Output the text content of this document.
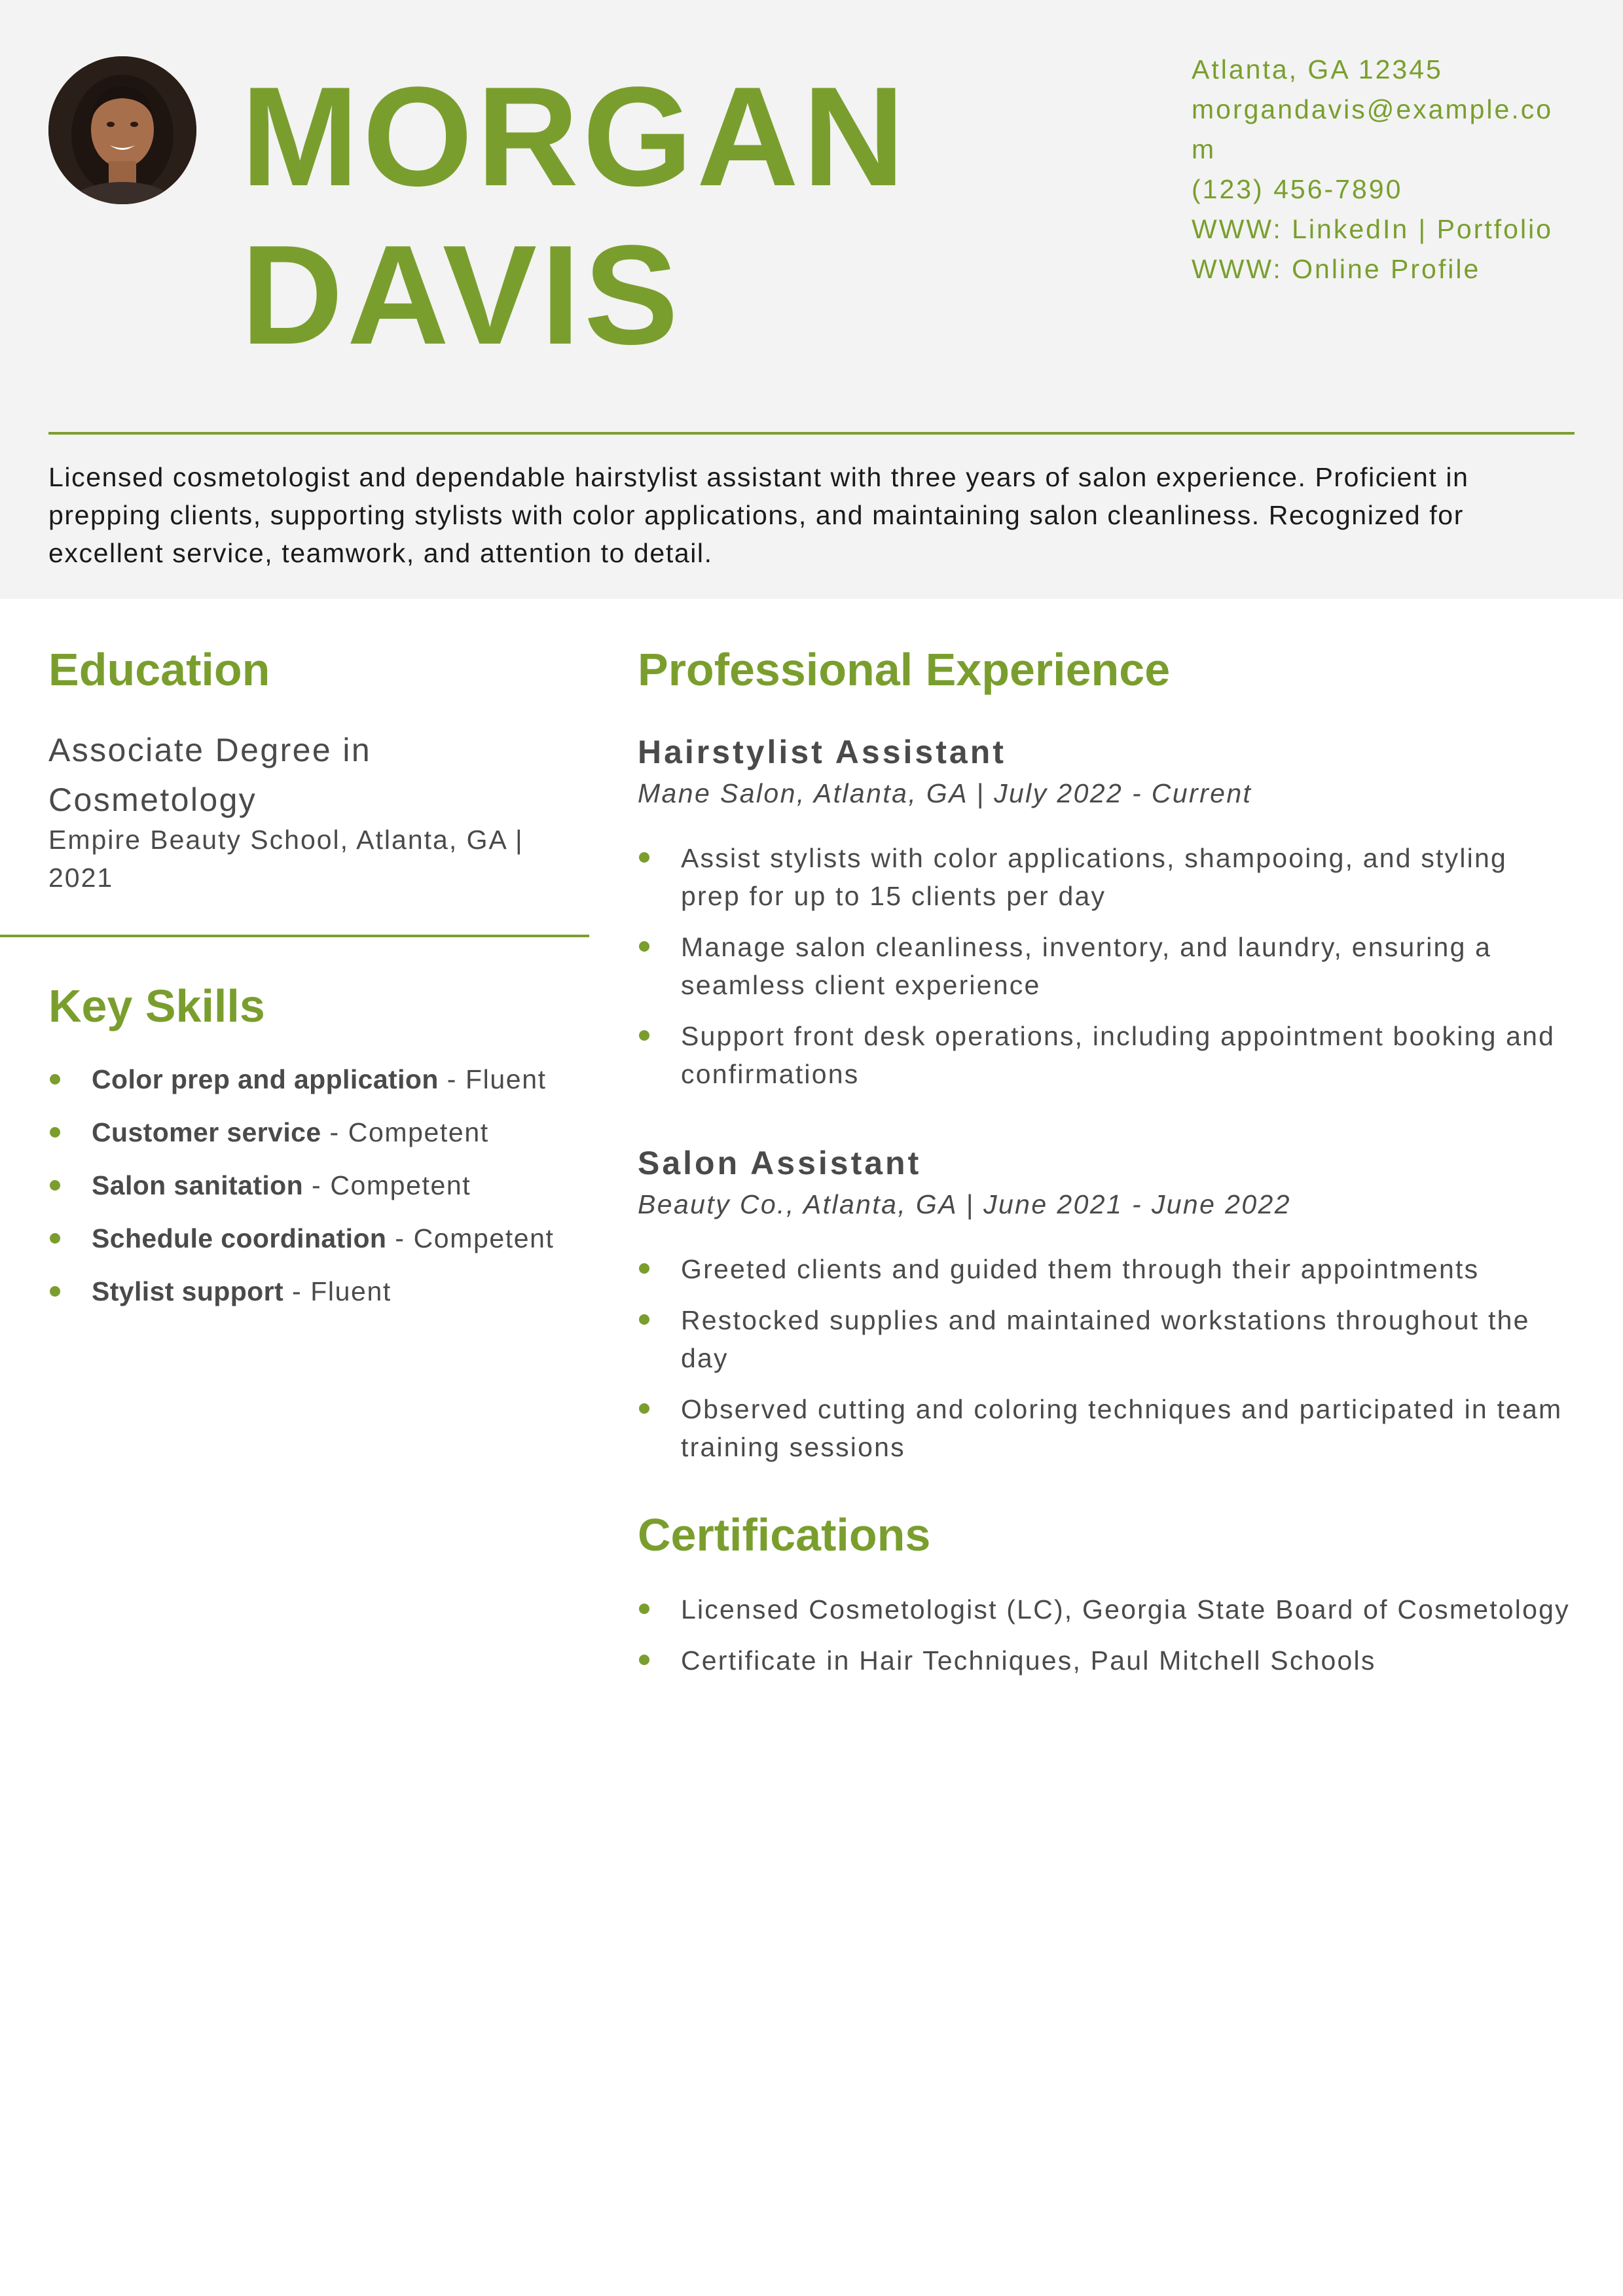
MORGAN
DAVIS
Atlanta, GA 12345
morgandavis@example.com
(123) 456-7890
WWW: LinkedIn | Portfolio
WWW: Online Profile

Licensed cosmetologist and dependable hairstylist assistant with three years of salon experience. Proficient in prepping clients, supporting stylists with color applications, and maintaining salon cleanliness. Recognized for excellent service, teamwork, and attention to detail.

Education

Associate Degree in Cosmetology

Empire Beauty School, Atlanta, GA | 2021

Key Skills
Color prep and application - Fluent
Customer service - Competent
Salon sanitation - Competent
Schedule coordination - Competent
Stylist support - Fluent
Professional Experience
Hairstylist Assistant

Mane Salon, Atlanta, GA | July 2022 - Current

Assist stylists with color applications, shampooing, and styling prep for up to 15 clients per day
Manage salon cleanliness, inventory, and laundry, ensuring a seamless client experience
Support front desk operations, including appointment booking and confirmations
Salon Assistant

Beauty Co., Atlanta, GA | June 2021 - June 2022

Greeted clients and guided them through their appointments
Restocked supplies and maintained workstations throughout the day
Observed cutting and coloring techniques and participated in team training sessions
Certifications
Licensed Cosmetologist (LC), Georgia State Board of Cosmetology
Certificate in Hair Techniques, Paul Mitchell Schools
